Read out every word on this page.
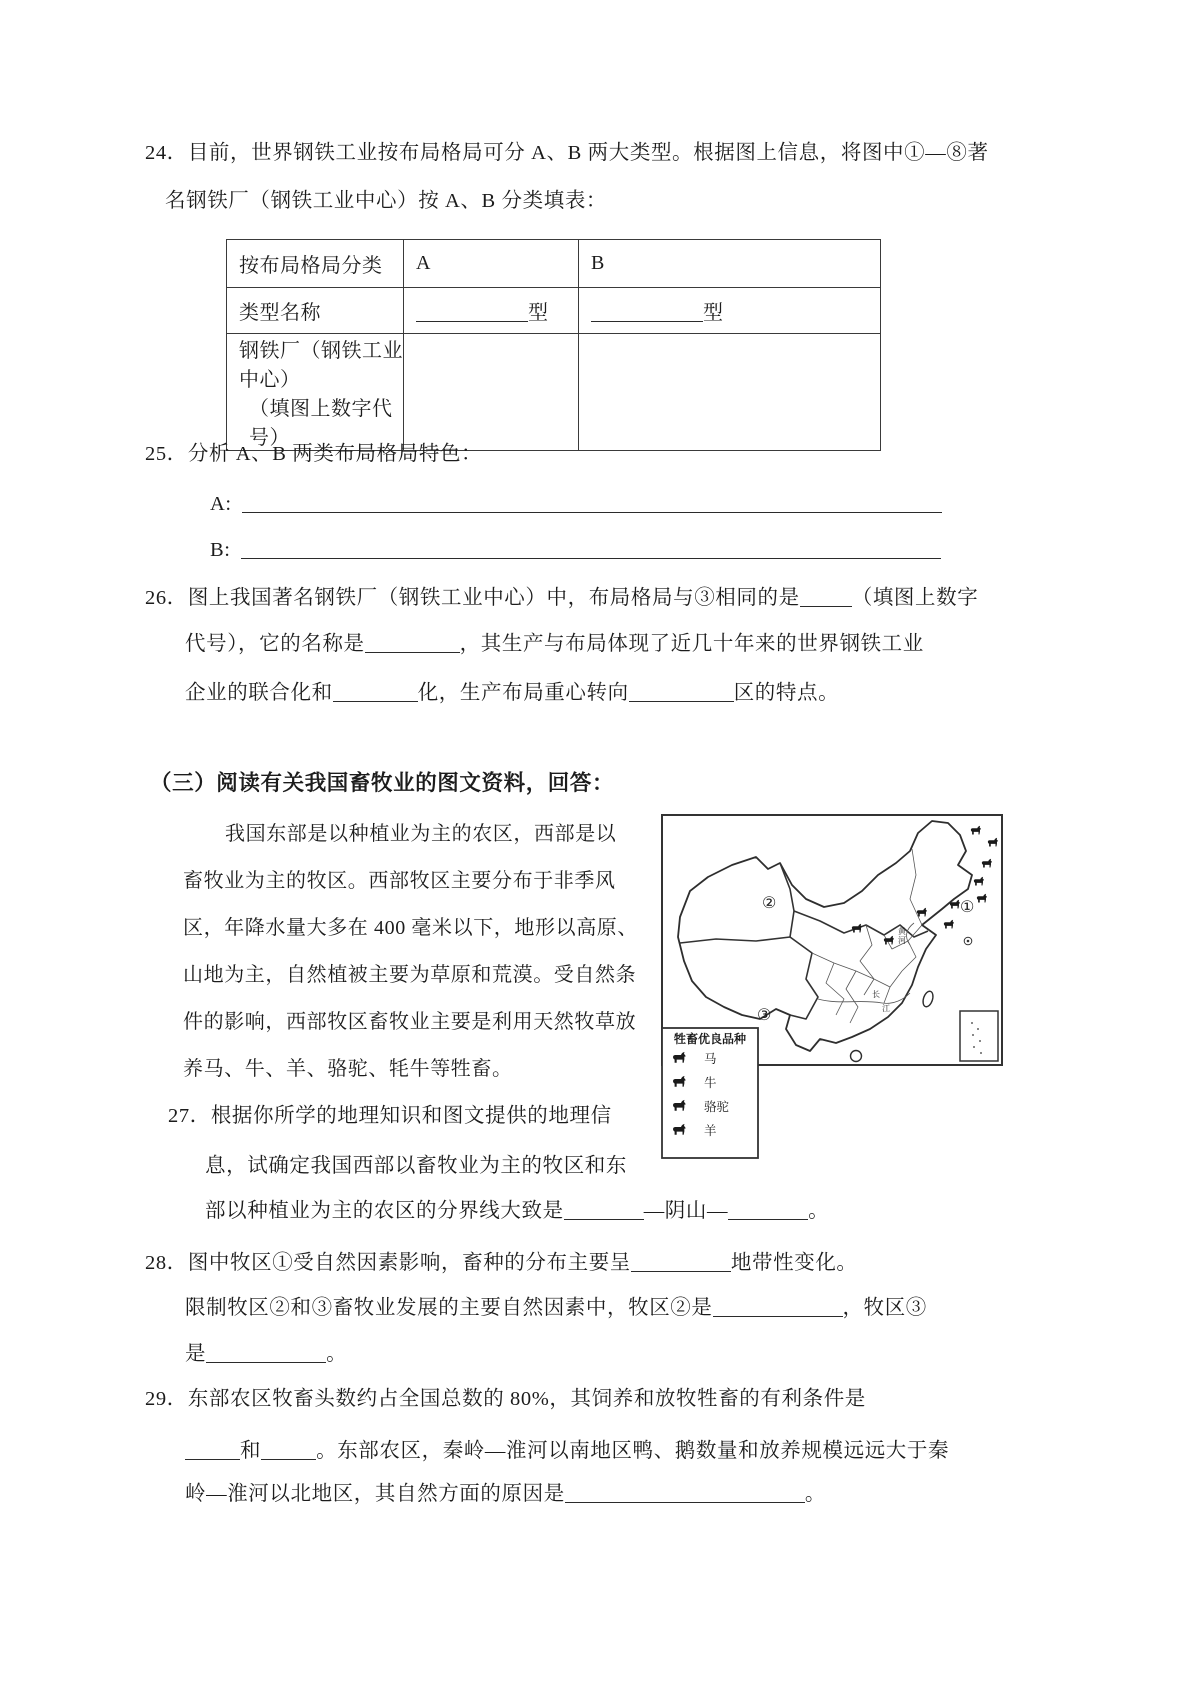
24．目前，世界钢铁工业按布局格局可分 A、B 两大类型。根据图上信息，将图中①—⑧著
名钢铁厂（钢铁工业中心）按 A、B 分类填表：
按布局格局分类	A	B
类型名称	型	型

钢铁厂（钢铁工业中心）
（填图上数字代号）		

25．分析 A、B 两类布局格局特色：
A:
B:
26．图上我国著名钢铁厂（钢铁工业中心）中，布局格局与③相同的是	（填图上数字
代号），它的名称是	，其生产与布局体现了近几十年来的世界钢铁工业
企业的联合化和	化，生产布局重心转向	区的特点。
（三）阅读有关我国畜牧业的图文资料，回答：
我国东部是以种植业为主的农区，西部是以
畜牧业为主的牧区。西部牧区主要分布于非季风
区，年降水量大多在 400 毫米以下，地形以高原、
山地为主，自然植被主要为草原和荒漠。受自然条
件的影响，西部牧区畜牧业主要是利用天然牧草放
养马、牛、羊、骆驼、牦牛等牲畜。
27．根据你所学的地理知识和图文提供的地理信
息，试确定我国西部以畜牧业为主的牧区和东
部以种植业为主的农区的分界线大致是	—阴山—	。
28．图中牧区①受自然因素影响，畜种的分布主要呈	地带性变化。
限制牧区②和③畜牧业发展的主要自然因素中，牧区②是	，牧区③
是	。
29．东部农区牧畜头数约占全国总数的 80%，其饲养和放牧牲畜的有利条件是
和	。东部农区，秦岭—淮河以南地区鸭、鹅数量和放养规模远远大于秦
岭—淮河以北地区，其自然方面的原因是	。
黄
河
长
江
①
②
③
牲畜优良品种
马
牛
骆驼
羊
